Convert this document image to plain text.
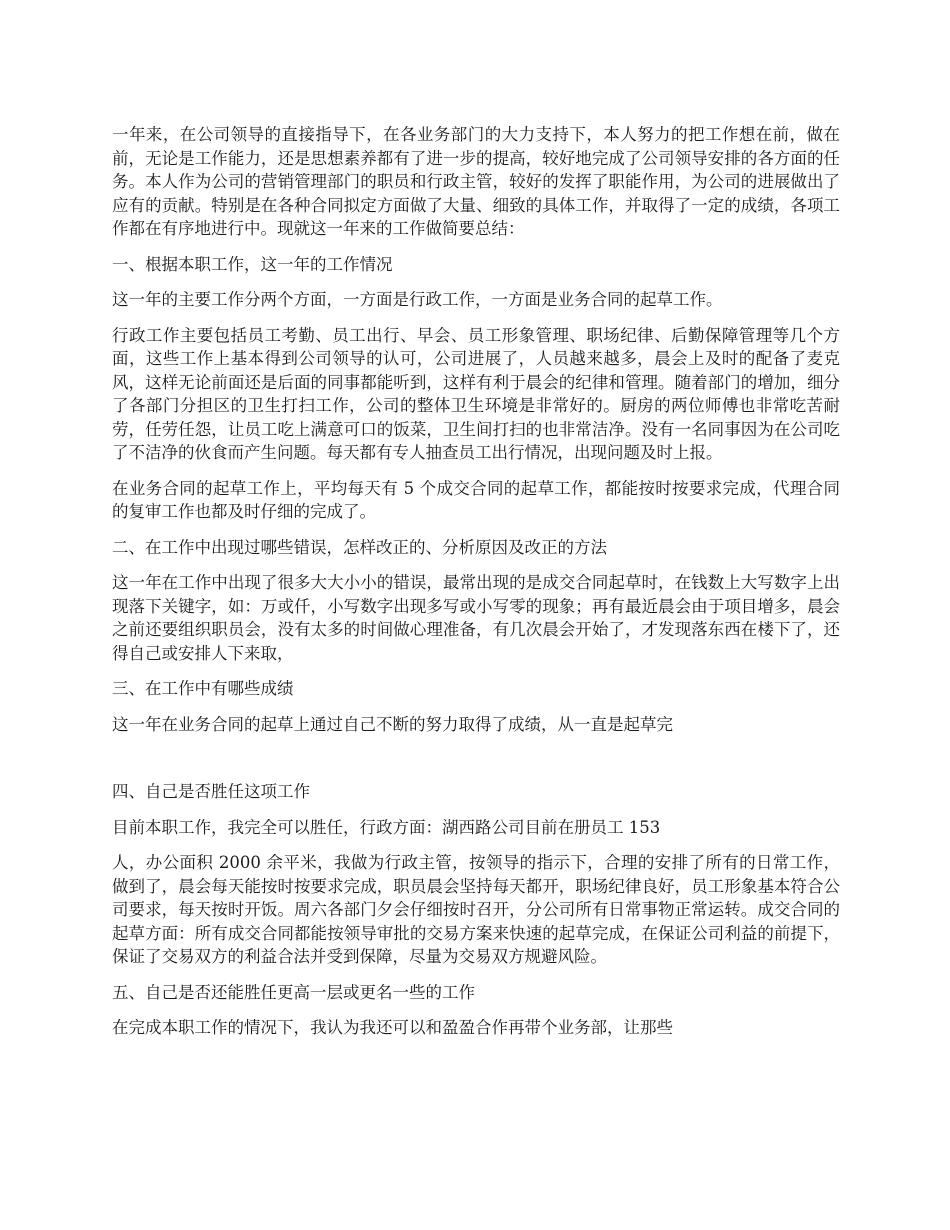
一年来，在公司领导的直接指导下，在各业务部门的大力支持下，本人努力的把工作想在前，做在前，无论是工作能力，还是思想素养都有了进一步的提高，较好地完成了公司领导安排的各方面的任务。本人作为公司的营销管理部门的职员和行政主管，较好的发挥了职能作用，为公司的进展做出了应有的贡献。特别是在各种合同拟定方面做了大量、细致的具体工作，并取得了一定的成绩，各项工作都在有序地进行中。现就这一年来的工作做简要总结：

一、根据本职工作，这一年的工作情况

这一年的主要工作分两个方面，一方面是行政工作，一方面是业务合同的起草工作。

行政工作主要包括员工考勤、员工出行、早会、员工形象管理、职场纪律、后勤保障管理等几个方面，这些工作上基本得到公司领导的认可，公司进展了，人员越来越多，晨会上及时的配备了麦克风，这样无论前面还是后面的同事都能听到，这样有利于晨会的纪律和管理。随着部门的增加，细分了各部门分担区的卫生打扫工作，公司的整体卫生环境是非常好的。厨房的两位师傅也非常吃苦耐劳，任劳任怨，让员工吃上满意可口的饭菜，卫生间打扫的也非常洁净。没有一名同事因为在公司吃了不洁净的伙食而产生问题。每天都有专人抽查员工出行情况，出现问题及时上报。

在业务合同的起草工作上，平均每天有 5 个成交合同的起草工作，都能按时按要求完成，代理合同的复审工作也都及时仔细的完成了。

二、在工作中出现过哪些错误，怎样改正的、分析原因及改正的方法

这一年在工作中出现了很多大大小小的错误，最常出现的是成交合同起草时，在钱数上大写数字上出现落下关键字，如：万或仟，小写数字出现多写或小写零的现象；再有最近晨会由于项目增多，晨会之前还要组织职员会，没有太多的时间做心理准备，有几次晨会开始了，才发现落东西在楼下了，还得自己或安排人下来取，

三、在工作中有哪些成绩

这一年在业务合同的起草上通过自己不断的努力取得了成绩，从一直是起草完

四、自己是否胜任这项工作

目前本职工作，我完全可以胜任，行政方面：湖西路公司目前在册员工 153

人，办公面积 2000 余平米，我做为行政主管，按领导的指示下，合理的安排了所有的日常工作，做到了，晨会每天能按时按要求完成，职员晨会坚持每天都开，职场纪律良好，员工形象基本符合公司要求，每天按时开饭。周六各部门夕会仔细按时召开，分公司所有日常事物正常运转。成交合同的起草方面：所有成交合同都能按领导审批的交易方案来快速的起草完成，在保证公司利益的前提下，保证了交易双方的利益合法并受到保障，尽量为交易双方规避风险。

五、自己是否还能胜任更高一层或更名一些的工作

在完成本职工作的情况下，我认为我还可以和盈盈合作再带个业务部，让那些
